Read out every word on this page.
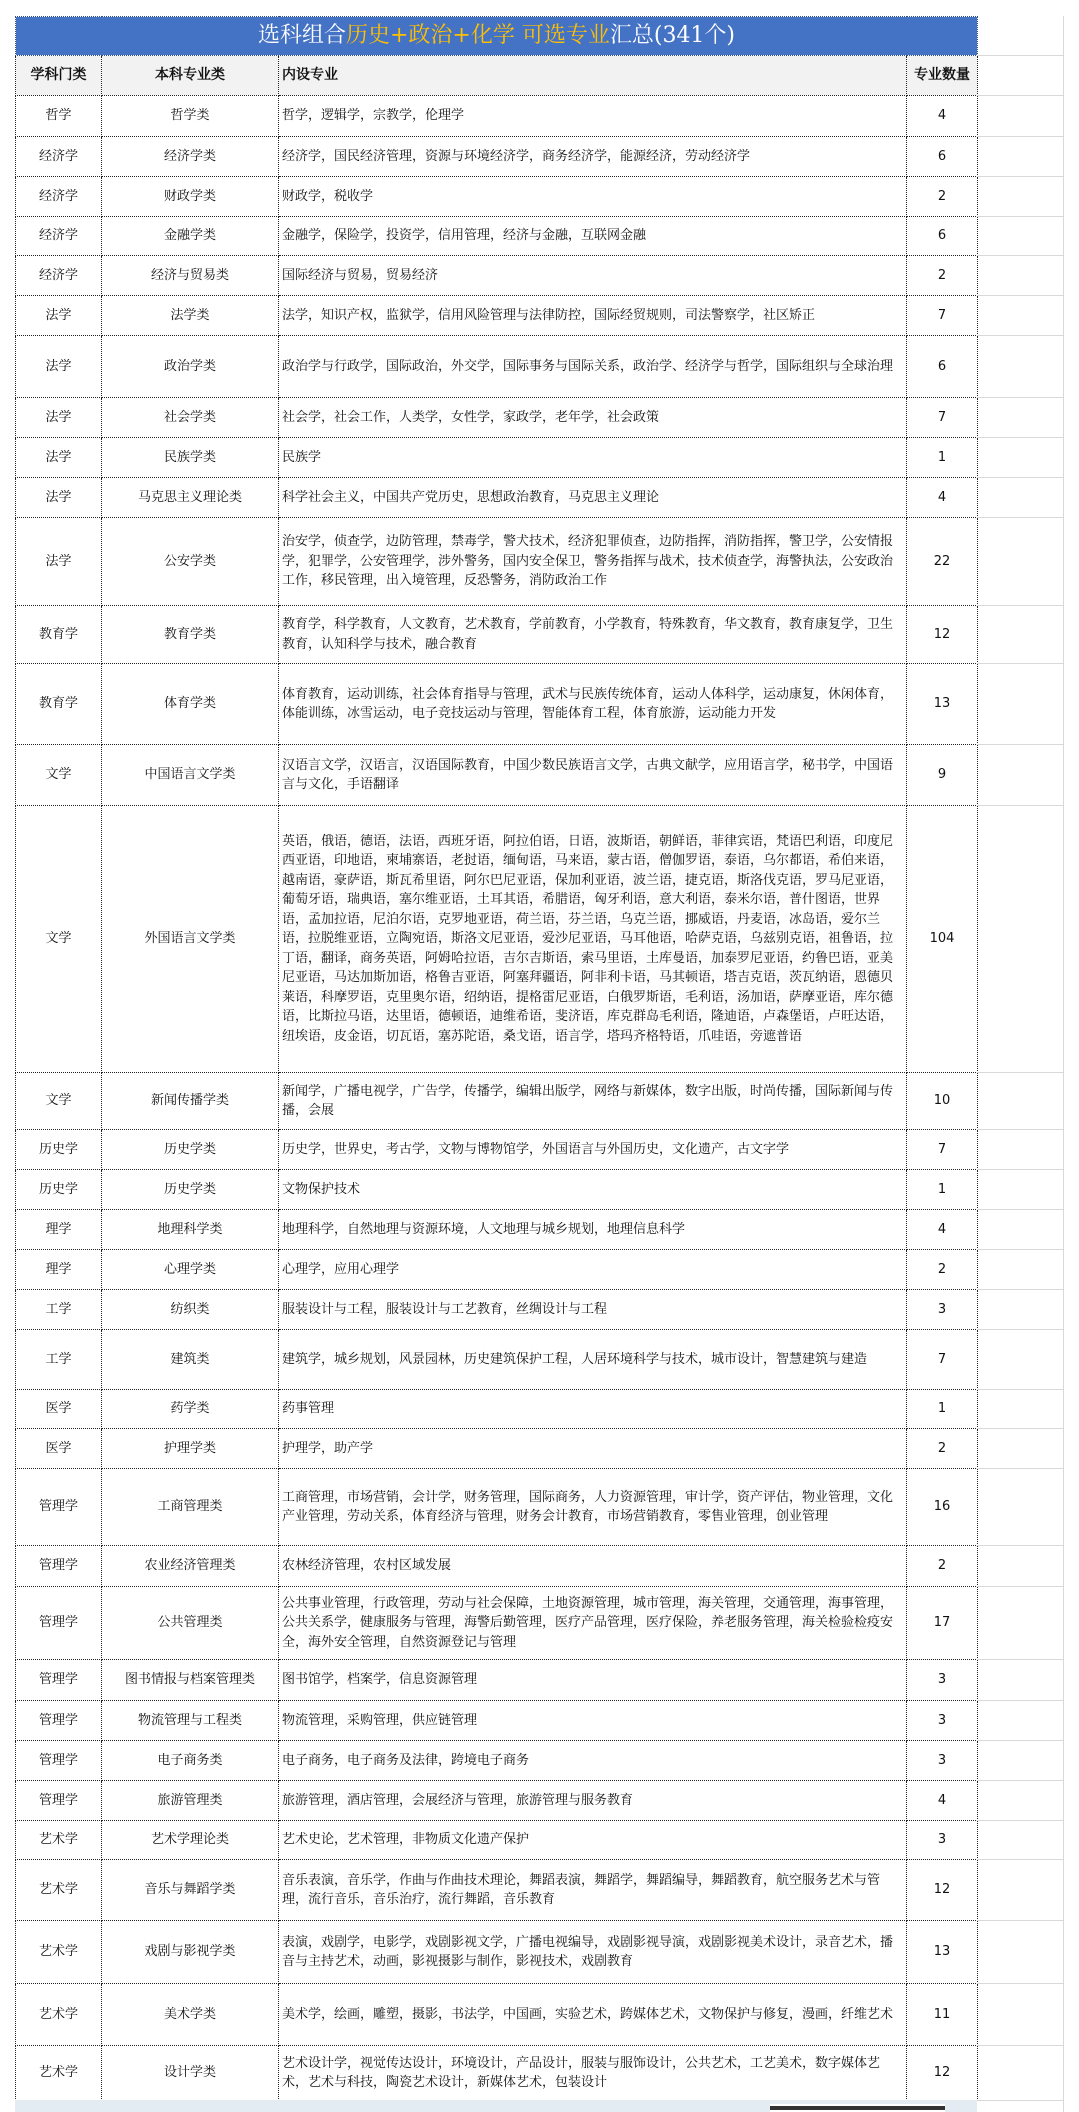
选科组合历史+政治+化学 可选专业汇总(341个)			
学科门类	本科专业类	内设专业	专业数量
哲学	哲学类	哲学，逻辑学，宗教学，伦理学	4
经济学	经济学类	经济学，国民经济管理，资源与环境经济学，商务经济学，能源经济，劳动经济学	6
经济学	财政学类	财政学，税收学	2
经济学	金融学类	金融学，保险学，投资学，信用管理，经济与金融，互联网金融	6
经济学	经济与贸易类	国际经济与贸易，贸易经济	2
法学	法学类	法学，知识产权，监狱学，信用风险管理与法律防控，国际经贸规则，司法警察学，社区矫正	7
法学	政治学类	政治学与行政学，国际政治，外交学，国际事务与国际关系，政治学、经济学与哲学，国际组织与全球治理	6
法学	社会学类	社会学，社会工作，人类学，女性学，家政学，老年学，社会政策	7
法学	民族学类	民族学	1
法学	马克思主义理论类	科学社会主义，中国共产党历史，思想政治教育，马克思主义理论	4
法学	公安学类	治安学，侦查学，边防管理，禁毒学，警犬技术，经济犯罪侦查，边防指挥，消防指挥，警卫学，公安情报学，犯罪学，公安管理学，涉外警务，国内安全保卫，警务指挥与战术，技术侦查学，海警执法，公安政治工作，移民管理，出入境管理，反恐警务，消防政治工作	22
教育学	教育学类	教育学，科学教育，人文教育，艺术教育，学前教育，小学教育，特殊教育，华文教育，教育康复学，卫生教育，认知科学与技术，融合教育	12
教育学	体育学类	体育教育，运动训练，社会体育指导与管理，武术与民族传统体育，运动人体科学，运动康复，休闲体育，体能训练，冰雪运动，电子竞技运动与管理，智能体育工程，体育旅游，运动能力开发	13
文学	中国语言文学类	汉语言文学，汉语言，汉语国际教育，中国少数民族语言文学，古典文献学，应用语言学，秘书学，中国语言与文化，手语翻译	9
文学	外国语言文学类	英语，俄语，德语，法语，西班牙语，阿拉伯语，日语，波斯语，朝鲜语，菲律宾语，梵语巴利语，印度尼西亚语，印地语，柬埔寨语，老挝语，缅甸语，马来语，蒙古语，僧伽罗语，泰语，乌尔都语，希伯来语，越南语，豪萨语，斯瓦希里语，阿尔巴尼亚语，保加利亚语，波兰语，捷克语，斯洛伐克语，罗马尼亚语，葡萄牙语，瑞典语，塞尔维亚语，土耳其语，希腊语，匈牙利语，意大利语，泰米尔语，普什图语，世界语，孟加拉语，尼泊尔语，克罗地亚语，荷兰语，芬兰语，乌克兰语，挪威语，丹麦语，冰岛语，爱尔兰语，拉脱维亚语，立陶宛语，斯洛文尼亚语，爱沙尼亚语，马耳他语，哈萨克语，乌兹别克语，祖鲁语，拉丁语，翻译，商务英语，阿姆哈拉语，吉尔吉斯语，索马里语，土库曼语，加泰罗尼亚语，约鲁巴语，亚美尼亚语，马达加斯加语，格鲁吉亚语，阿塞拜疆语，阿非利卡语，马其顿语，塔吉克语，茨瓦纳语，恩德贝莱语，科摩罗语，克里奥尔语，绍纳语，提格雷尼亚语，白俄罗斯语，毛利语，汤加语，萨摩亚语，库尔德语，比斯拉马语，达里语，德顿语，迪维希语，斐济语，库克群岛毛利语，隆迪语，卢森堡语，卢旺达语，纽埃语，皮金语，切瓦语，塞苏陀语，桑戈语，语言学，塔玛齐格特语，爪哇语，旁遮普语	104
文学	新闻传播学类	新闻学，广播电视学，广告学，传播学，编辑出版学，网络与新媒体，数字出版，时尚传播，国际新闻与传播，会展	10
历史学	历史学类	历史学，世界史，考古学，文物与博物馆学，外国语言与外国历史，文化遗产，古文字学	7
历史学	历史学类	文物保护技术	1
理学	地理科学类	地理科学，自然地理与资源环境，人文地理与城乡规划，地理信息科学	4
理学	心理学类	心理学，应用心理学	2
工学	纺织类	服装设计与工程，服装设计与工艺教育，丝绸设计与工程	3
工学	建筑类	建筑学，城乡规划，风景园林，历史建筑保护工程，人居环境科学与技术，城市设计，智慧建筑与建造	7
医学	药学类	药事管理	1
医学	护理学类	护理学，助产学	2
管理学	工商管理类	工商管理，市场营销，会计学，财务管理，国际商务，人力资源管理，审计学，资产评估，物业管理，文化产业管理，劳动关系，体育经济与管理，财务会计教育，市场营销教育，零售业管理，创业管理	16
管理学	农业经济管理类	农林经济管理，农村区域发展	2
管理学	公共管理类	公共事业管理，行政管理，劳动与社会保障，土地资源管理，城市管理，海关管理，交通管理，海事管理，公共关系学，健康服务与管理，海警后勤管理，医疗产品管理，医疗保险，养老服务管理，海关检验检疫安全，海外安全管理，自然资源登记与管理	17
管理学	图书情报与档案管理类	图书馆学，档案学，信息资源管理	3
管理学	物流管理与工程类	物流管理，采购管理，供应链管理	3
管理学	电子商务类	电子商务，电子商务及法律，跨境电子商务	3
管理学	旅游管理类	旅游管理，酒店管理，会展经济与管理，旅游管理与服务教育	4
艺术学	艺术学理论类	艺术史论，艺术管理，非物质文化遗产保护	3
艺术学	音乐与舞蹈学类	音乐表演，音乐学，作曲与作曲技术理论，舞蹈表演，舞蹈学，舞蹈编导，舞蹈教育，航空服务艺术与管理，流行音乐，音乐治疗，流行舞蹈，音乐教育	12
艺术学	戏剧与影视学类	表演，戏剧学，电影学，戏剧影视文学，广播电视编导，戏剧影视导演，戏剧影视美术设计，录音艺术，播音与主持艺术，动画，影视摄影与制作，影视技术，戏剧教育	13
艺术学	美术学类	美术学，绘画，雕塑，摄影，书法学，中国画，实验艺术，跨媒体艺术，文物保护与修复，漫画，纤维艺术	11
艺术学	设计学类	艺术设计学，视觉传达设计，环境设计，产品设计，服装与服饰设计，公共艺术，工艺美术，数字媒体艺术，艺术与科技，陶瓷艺术设计，新媒体艺术，包装设计	12
